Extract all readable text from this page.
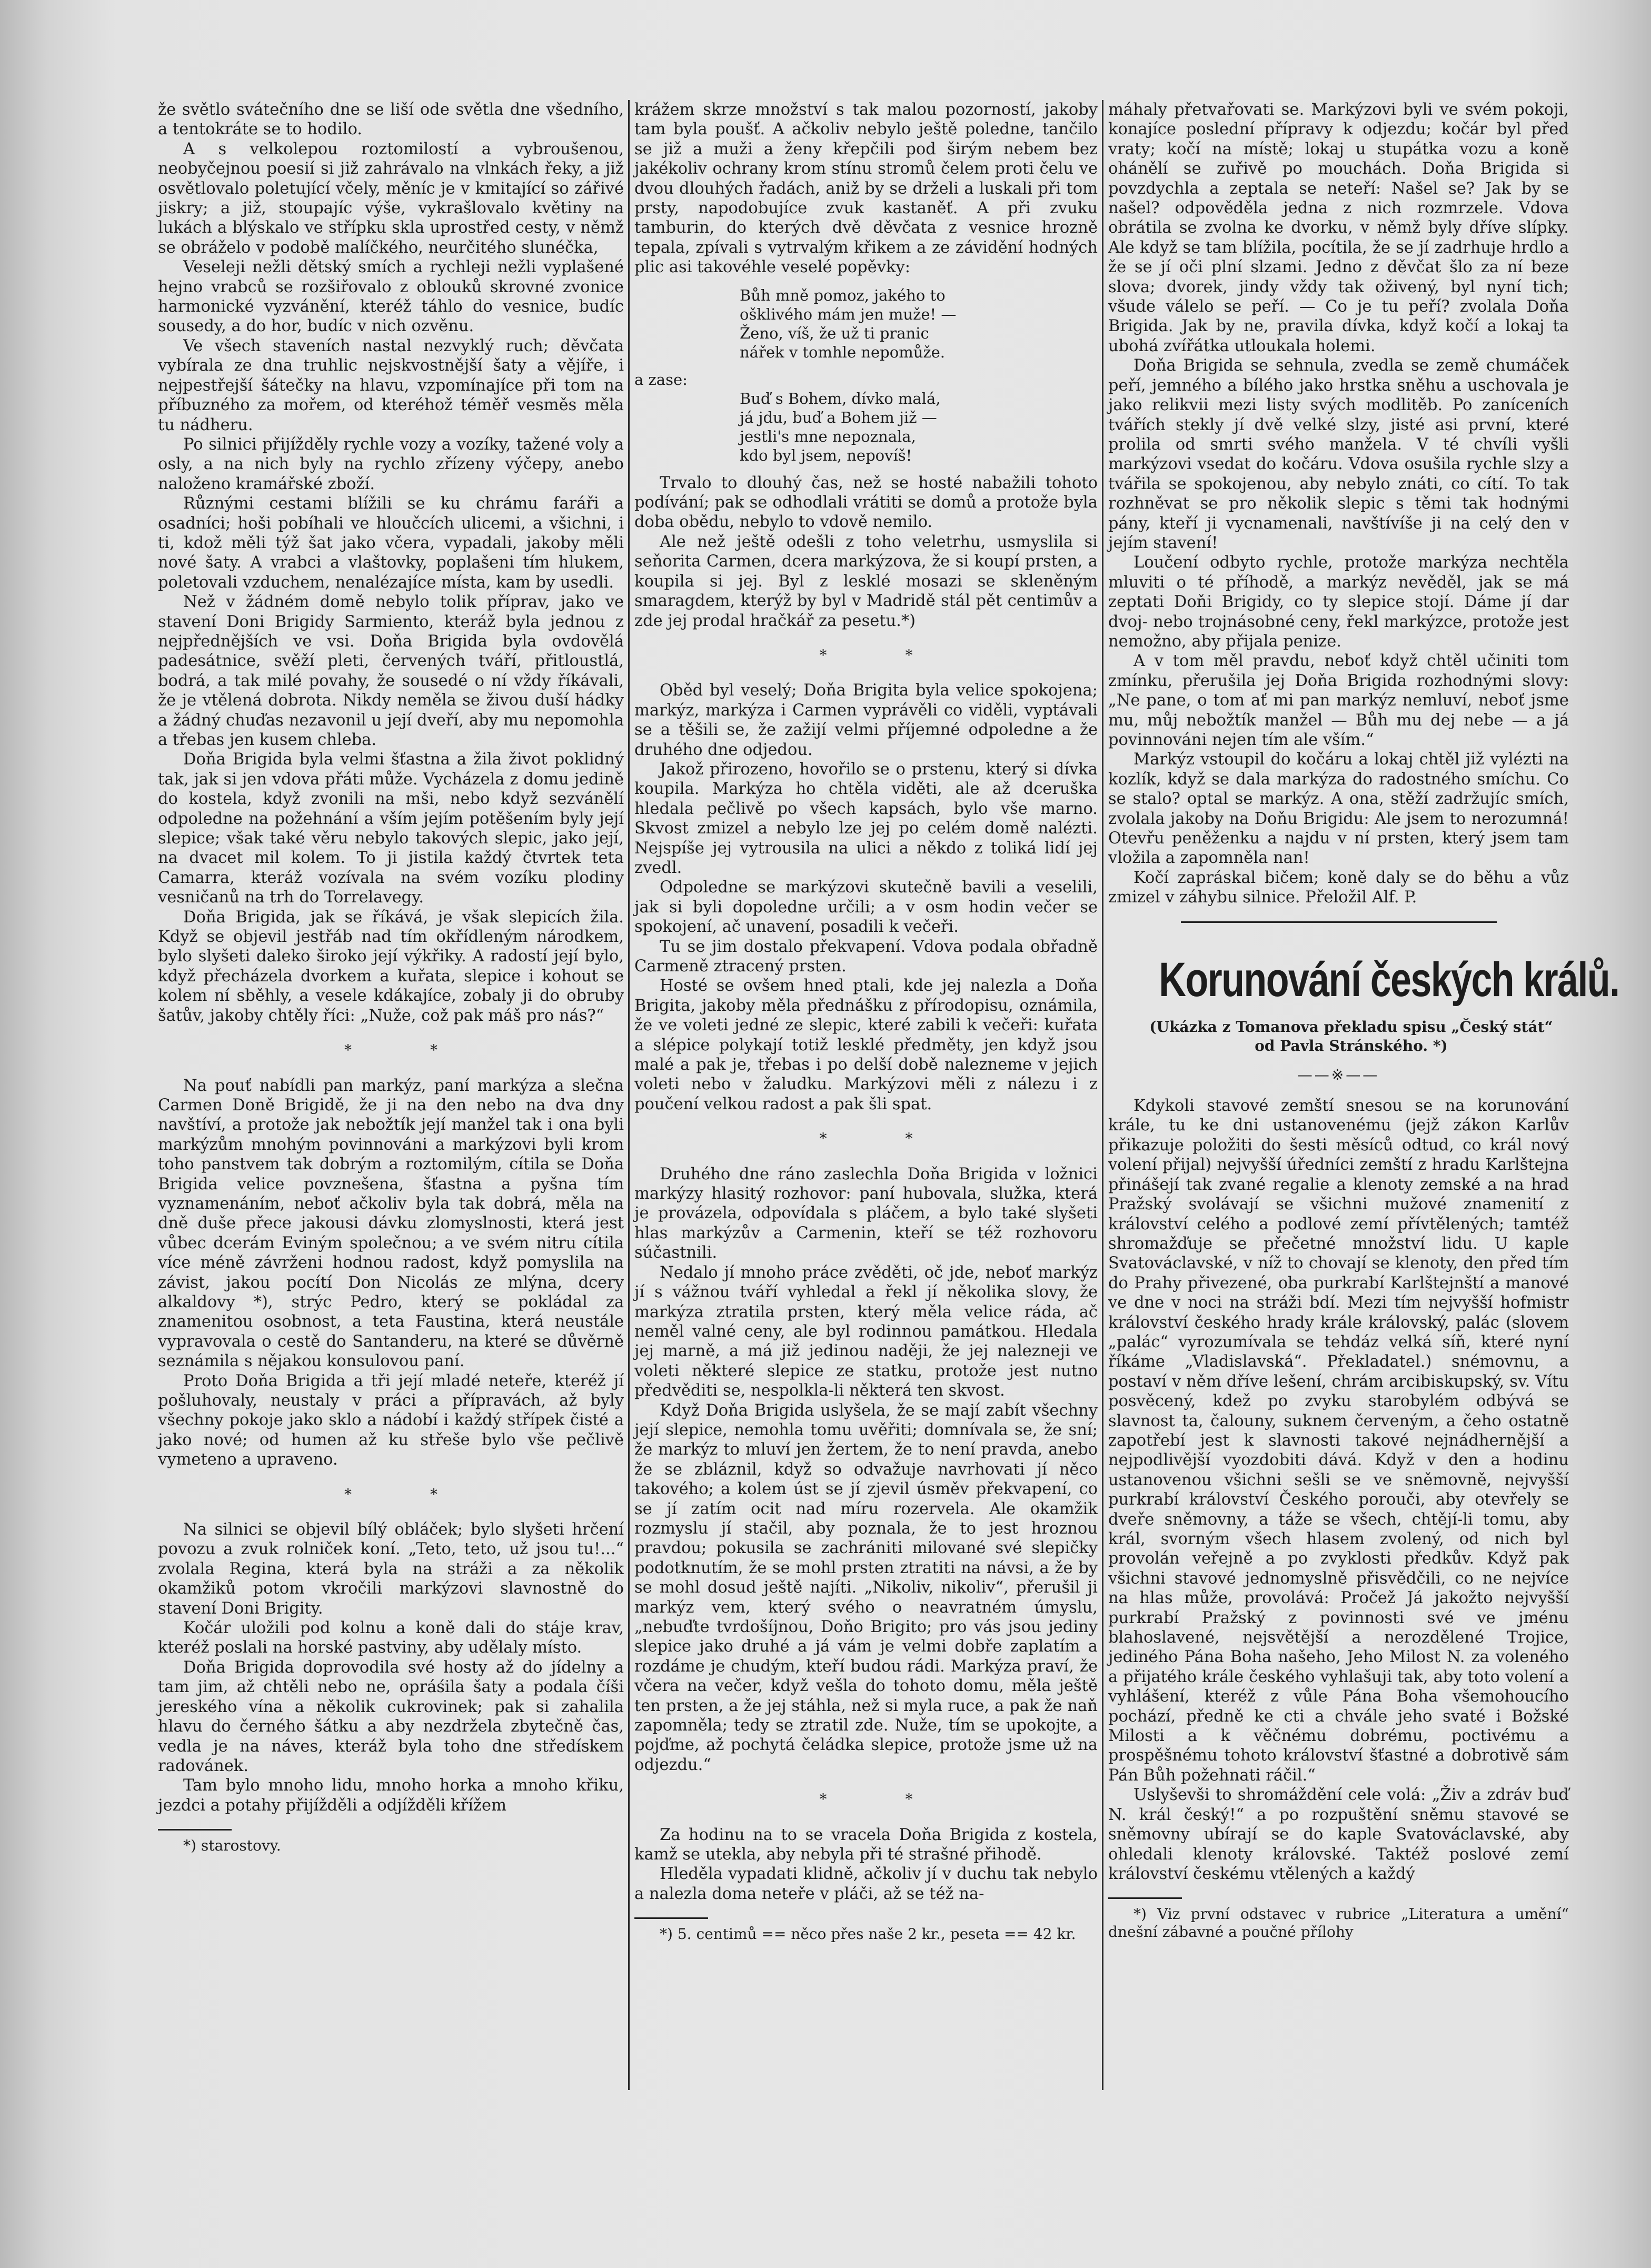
že světlo svátečního dne se liší ode světla dne všedního, a tentokráte se to hodilo.

A s velkolepou roztomilostí a vybroušenou, neobyčejnou poesií si již zahrávalo na vlnkách řeky, a již osvětlovalo poletující včely, měníc je v kmitající so zářivé jiskry; a již, stoupajíc výše, vykrašlovalo květiny na lukách a blýskalo ve střípku skla uprostřed cesty, v němž se obráželo v podobě malíčkého, neurčitého slunéčka,

Veseleji nežli dětský smích a rychleji nežli vyplašené hejno vrabců se rozšiřovalo z oblouků skrovné zvonice harmonické vyzvánění, kteréž táhlo do vesnice, budíc sousedy, a do hor, budíc v nich ozvěnu.

Ve všech staveních nastal nezvyklý ruch; děvčata vybírala ze dna truhlic nejskvostnější šaty a vějíře, i nejpestřejší šátečky na hlavu, vzpomínajíce při tom na příbuzného za mořem, od kteréhož téměř vesměs měla tu nádheru.

Po silnici přijížděly rychle vozy a vozíky, tažené voly a osly, a na nich byly na rychlo zřízeny výčepy, anebo naloženo kramářské zboží.

Různými cestami blížili se ku chrámu faráři a osadníci; hoši pobíhali ve hloučcích ulicemi, a všichni, i ti, kdož měli týž šat jako včera, vypadali, jakoby měli nové šaty. A vrabci a vlaštovky, poplašeni tím hlukem, poletovali vzduchem, nenalézajíce místa, kam by usedli.

Než v žádném domě nebylo tolik příprav, jako ve stavení Doni Brigidy Sarmiento, kteráž byla jednou z nejpřednějších ve vsi. Doňa Brigida byla ovdovělá padesátnice, svěží pleti, červených tváří, přitloustlá, bodrá, a tak milé povahy, že sousedé o ní vždy říkávali, že je vtělená dobrota. Nikdy neměla se živou duší hádky a žádný chuďas nezavonil u její dveří, aby mu nepomohla a třebas jen kusem chleba.

Doňa Brigida byla velmi šťastna a žila život poklidný tak, jak si jen vdova přáti může. Vycházela z domu jedině do kostela, když zvonili na mši, nebo když sezvánělí odpoledne na požehnání a vším jejím potěšením byly její slepice; však také věru nebylo takových slepic, jako její, na dvacet mil kolem. To ji jistila každý čtvrtek teta Camarra, kteráž vozívala na svém vozíku plodiny vesničanů na trh do Torrelavegy.

Doňa Brigida, jak se říkává, je však slepicích žila. Když se objevil jestřáb nad tím okřídleným národkem, bylo slyšeti daleko široko její výkřiky. A radostí její bylo, když přecházela dvorkem a kuřata, slepice i kohout se kolem ní sběhly, a vesele kdákajíce, zobaly ji do obruby šatův, jakoby chtěly říci: „Nuže, což pak máš pro nás?“

* *

Na pouť nabídli pan markýz, paní markýza a slečna Carmen Doně Brigidě, že ji na den nebo na dva dny navštíví, a protože jak nebožtík její manžel tak i ona byli markýzům mnohým povinnováni a markýzovi byli krom toho panstvem tak dobrým a roztomilým, cítila se Doňa Brigida velice povznešena, šťastna a pyšna tím vyznamenáním, neboť ačkoliv byla tak dobrá, měla na dně duše přece jakousi dávku zlomyslnosti, která jest vůbec dcerám Eviným společnou; a ve svém nitru cítila více méně závrženi hodnou radost, když pomyslila na závist, jakou pocítí Don Nicolás ze mlýna, dcery alkaldovy *), strýc Pedro, který se pokládal za znamenitou osobnost, a teta Faustina, která neustále vypravovala o cestě do Santanderu, na které se důvěrně seznámila s nějakou konsulovou paní.

Proto Doňa Brigida a tři její mladé neteře, kteréž jí pošluhovaly, neustaly v práci a přípravách, až byly všechny pokoje jako sklo a nádobí i každý střípek čisté a jako nové; od humen až ku střeše bylo vše pečlivě vymeteno a upraveno.

* *

Na silnici se objevil bílý obláček; bylo slyšeti hrčení povozu a zvuk rolniček koní. „Teto, teto, už jsou tu!...“ zvolala Regina, která byla na stráži a za několik okamžiků potom vkročili markýzovi slavnostně do stavení Doni Brigity.

Kočár uložili pod kolnu a koně dali do stáje krav, kteréž poslali na horské pastviny, aby udělaly místo.

Doňa Brigida doprovodila své hosty až do jídelny a tam jim, až chtěli nebo ne, opráśila šaty a podala číši jereského vína a několik cukrovinek; pak si zahalila hlavu do černého šátku a aby nezdržela zbytečně čas, vedla je na náves, kteráž byla toho dne středískem radovánek.

Tam bylo mnoho lidu, mnoho horka a mnoho křiku, jezdci a potahy přijížděli a odjížděli křížem

*) starostovy.

krážem skrze množství s tak malou pozorností, jakoby tam byla poušť. A ačkoliv nebylo ještě poledne, tančilo se již a muži a ženy křepčili pod širým nebem bez jakékoliv ochrany krom stínu stromů čelem proti čelu ve dvou dlouhých řadách, aniž by se drželi a luskali při tom prsty, napodobujíce zvuk kastaněť. A při zvuku tamburin, do kterých dvě děvčata z vesnice hrozně tepala, zpívali s vytrvalým křikem a ze závidění hodných plic asi takovéhle veselé popěvky:

Bůh mně pomoz, jakého to
ošklivého mám jen muže! —
Ženo, víš, že už ti pranic
nářek v tomhle nepomůže.
a zase:
Buď s Bohem, dívko malá,
já jdu, buď a Bohem již —
jestli's mne nepoznala,
kdo byl jsem, nepovíš!

Trvalo to dlouhý čas, než se hosté nabažili tohoto podívání; pak se odhodlali vrátiti se domů a protože byla doba obědu, nebylo to vdově nemilo.

Ale než ještě odešli z toho veletrhu, usmyslila si seňorita Carmen, dcera markýzova, že si koupí prsten, a koupila si jej. Byl z lesklé mosazi se skleněným smaragdem, kterýž by byl v Madridě stál pět centimův a zde jej prodal hračkář za pesetu.*)

* *

Oběd byl veselý; Doňa Brigita byla velice spokojena; markýz, markýza i Carmen vyprávěli co viděli, vyptávali se a těšili se, že zažijí velmi příjemné odpoledne a že druhého dne odjedou.

Jakož přirozeno, hovořilo se o prstenu, který si dívka koupila. Markýza ho chtěla viděti, ale až dceruška hledala pečlivě po všech kapsách, bylo vše marno. Skvost zmizel a nebylo lze jej po celém domě nalézti. Nejspíše jej vytrousila na ulici a někdo z toliká lidí jej zvedl.

Odpoledne se markýzovi skutečně bavili a veselili, jak si byli dopoledne určili; a v osm hodin večer se spokojení, ač unavení, posadili k večeři.

Tu se jim dostalo překvapení. Vdova podala obřadně Carmeně ztracený prsten.

Hosté se ovšem hned ptali, kde jej nalezla a Doňa Brigita, jakoby měla přednášku z přírodopisu, oznámila, že ve voleti jedné ze slepic, které zabili k večeři: kuřata a slépice polykají totiž lesklé předměty, jen když jsou malé a pak je, třebas i po delší době nalezneme v jejich voleti nebo v žaludku. Markýzovi měli z nálezu i z poučení velkou radost a pak šli spat.

* *

Druhého dne ráno zaslechla Doňa Brigida v ložnici markýzy hlasitý rozhovor: paní hubovala, služka, která je provázela, odpovídala s pláčem, a bylo také slyšeti hlas markýzův a Carmenin, kteří se též rozhovoru súčastnili.

Nedalo jí mnoho práce zvěděti, oč jde, neboť markýz jí s vážnou tváří vyhledal a řekl jí několika slovy, že markýza ztratila prsten, který měla velice ráda, ač neměl valné ceny, ale byl rodinnou památkou. Hledala jej marně, a má již jedinou naději, že jej nalezneji ve voleti některé slepice ze statku, protože jest nutno předvěditi se, nespolkla-li některá ten skvost.

Když Doňa Brigida uslyšela, že se mají zabít všechny její slepice, nemohla tomu uvěřiti; domnívala se, že sní; že markýz to mluví jen žertem, že to není pravda, anebo že se zbláznil, když so odvažuje navrhovati jí něco takového; a kolem úst se jí zjevil úsměv překvapení, co se jí zatím ocit nad míru rozervela. Ale okamžik rozmyslu jí stačil, aby poznala, že to jest hroznou pravdou; pokusila se zachrániti milované své slepičky podotknutím, že se mohl prsten ztratiti na návsi, a že by se mohl dosud ještě najíti. „Nikoliv, nikoliv“, přerušil ji markýz vem, který svého o neavratném úmyslu, „nebuďte tvrdošíjnou, Doňo Brigito; pro vás jsou jediny slepice jako druhé a já vám je velmi dobře zaplatím a rozdáme je chudým, kteří budou rádi. Markýza praví, že včera na večer, když vešla do tohoto domu, měla ještě ten prsten, a že jej stáhla, než si myla ruce, a pak že naň zapomněla; tedy se ztratil zde. Nuže, tím se upokojte, a pojďme, až pochytá čeládka slepice, protože jsme už na odjezdu.“

* *

Za hodinu na to se vracela Doňa Brigida z kostela, kamž se utekla, aby nebyla při té strašné přihodě.

Hleděla vypadati klidně, ačkoliv jí v duchu tak nebylo a nalezla doma neteře v pláči, až se též na-

*) 5. centimů == něco přes naše 2 kr., peseta == 42 kr.

máhaly přetvařovati se. Markýzovi byli ve svém pokoji, konajíce poslední přípravy k odjezdu; kočár byl před vraty; kočí na místě; lokaj u stupátka vozu a koně ohánělí se zuřivě po mouchách. Doňa Brigida si povzdychla a zeptala se neteří: Našel se? Jak by se našel? odpověděla jedna z nich rozmrzele. Vdova obrátila se zvolna ke dvorku, v němž byly dříve slípky. Ale když se tam blížila, pocítila, že se jí zadrhuje hrdlo a že se jí oči plní slzami. Jedno z děvčat šlo za ní beze slova; dvorek, jindy vždy tak oživený, byl nyní tich; všude válelo se peří. — Co je tu peří? zvolala Doňa Brigida. Jak by ne, pravila dívka, když kočí a lokaj ta ubohá zvířátka utloukala holemi.

Doňa Brigida se sehnula, zvedla se země chumáček peří, jemného a bílého jako hrstka sněhu a uschovala je jako relikvii mezi listy svých modlitěb. Po zaníceních tvářích stekly jí dvě velké slzy, jisté asi první, které prolila od smrti svého manžela. V té chvíli vyšli markýzovi vsedat do kočáru. Vdova osušila rychle slzy a tvářila se spokojenou, aby nebylo znáti, co cítí. To tak rozhněvat se pro několik slepic s těmi tak hodnými pány, kteří ji vycnamenali, navštívíše ji na celý den v jejím stavení!

Loučení odbyto rychle, protože markýza nechtěla mluviti o té příhodě, a markýz nevěděl, jak se má zeptati Doňi Brigidy, co ty slepice stojí. Dáme jí dar dvoj- nebo trojnásobné ceny, řekl markýzce, protože jest nemožno, aby přijala penize.

A v tom měl pravdu, neboť když chtěl učiniti tom zmínku, přerušila jej Doňa Brigida rozhodnými slovy: „Ne pane, o tom ať mi pan markýz nemluví, neboť jsme mu, můj nebožtík manžel — Bůh mu dej nebe — a já povinnováni nejen tím ale vším.“

Markýz vstoupil do kočáru a lokaj chtěl již vylézti na kozlík, když se dala markýza do radostného smíchu. Co se stalo? optal se markýz. A ona, stěží zadržujíc smích, zvolala jakoby na Doňu Brigidu: Ale jsem to nerozumná! Otevřu peněženku a najdu v ní prsten, který jsem tam vložila a zapomněla nan!

Kočí zapráskal bičem; koně daly se do běhu a vůz zmizel v záhybu silnice. Přeložil Alf. P.

Korunování českých králů.

(Ukázka z Tomanova překladu spisu „Český stát“

od Pavla Stránského. *)

——※——

Kdykoli stavové zemští snesou se na korunování krále, tu ke dni ustanovenému (jejž zákon Karlův přikazuje položiti do šesti měsíců odtud, co král nový volení přijal) nejvyšší úředníci zemští z hradu Karlštejna přinášejí tak zvané regalie a klenoty zemské a na hrad Pražský svolávají se všichni mužové znamenití z království celého a podlové zemí přívtělených; tamtéž shromažďuje se přečetné množství lidu. U kaple Svatováclavské, v níž to chovají se klenoty, den před tím do Prahy přivezené, oba purkrabí Karlštejnští a manové ve dne v noci na stráži bdí. Mezi tím nejvyšší hofmistr království českého hrady krále královský, palác (slovem „palác“ vyrozumívala se tehdáz velká síň, které nyní říkáme „Vladislavská“. Překladatel.) snémovnu, a postaví v něm dříve lešení, chrám arcibiskupský, sv. Vítu posvěcený, kdež po zvyku starobylém odbývá se slavnost ta, čalouny, suknem červeným, a čeho ostatně zapotřebí jest k slavnosti takové nejnádhernější a nejpodlivější vyozdobiti dává. Když v den a hodinu ustanovenou všichni sešli se ve sněmovně, nejvyšší purkrabí království Českého porouči, aby otevřely se dveře sněmovny, a táže se všech, chtějí-li tomu, aby král, svorným všech hlasem zvolený, od nich byl provolán veřejně a po zvyklosti předkův. Když pak všichni stavové jednomyslně přisvědčili, co ne nejvíce na hlas může, provolává: Pročež Já jakožto nejvyšší purkrabí Pražský z povinnosti své ve jménu blahoslavené, nejsvětější a nerozdělené Trojice, jediného Pána Boha našeho, Jeho Milost N. za voleného a přijatého krále českého vyhlašuji tak, aby toto volení a vyhlášení, kteréž z vůle Pána Boha všemohoucího pochází, předně ke cti a chvále jeho svaté i Božské Milosti a k věčnému dobrému, poctivému a prospěšnému tohoto království šťastné a dobrotivě sám Pán Bůh požehnati ráčil.“

Uslyševši to shromáždění cele volá: „Živ a zdráv buď N. král český!“ a po rozpuštění sněmu stavové se sněmovny ubírají se do kaple Svatováclavské, aby ohledali klenoty královské. Taktéž poslové zemí království českému vtělených a každý

*) Viz první odstavec v rubrice „Literatura a umění“ dnešní zábavné a poučné přílohy
